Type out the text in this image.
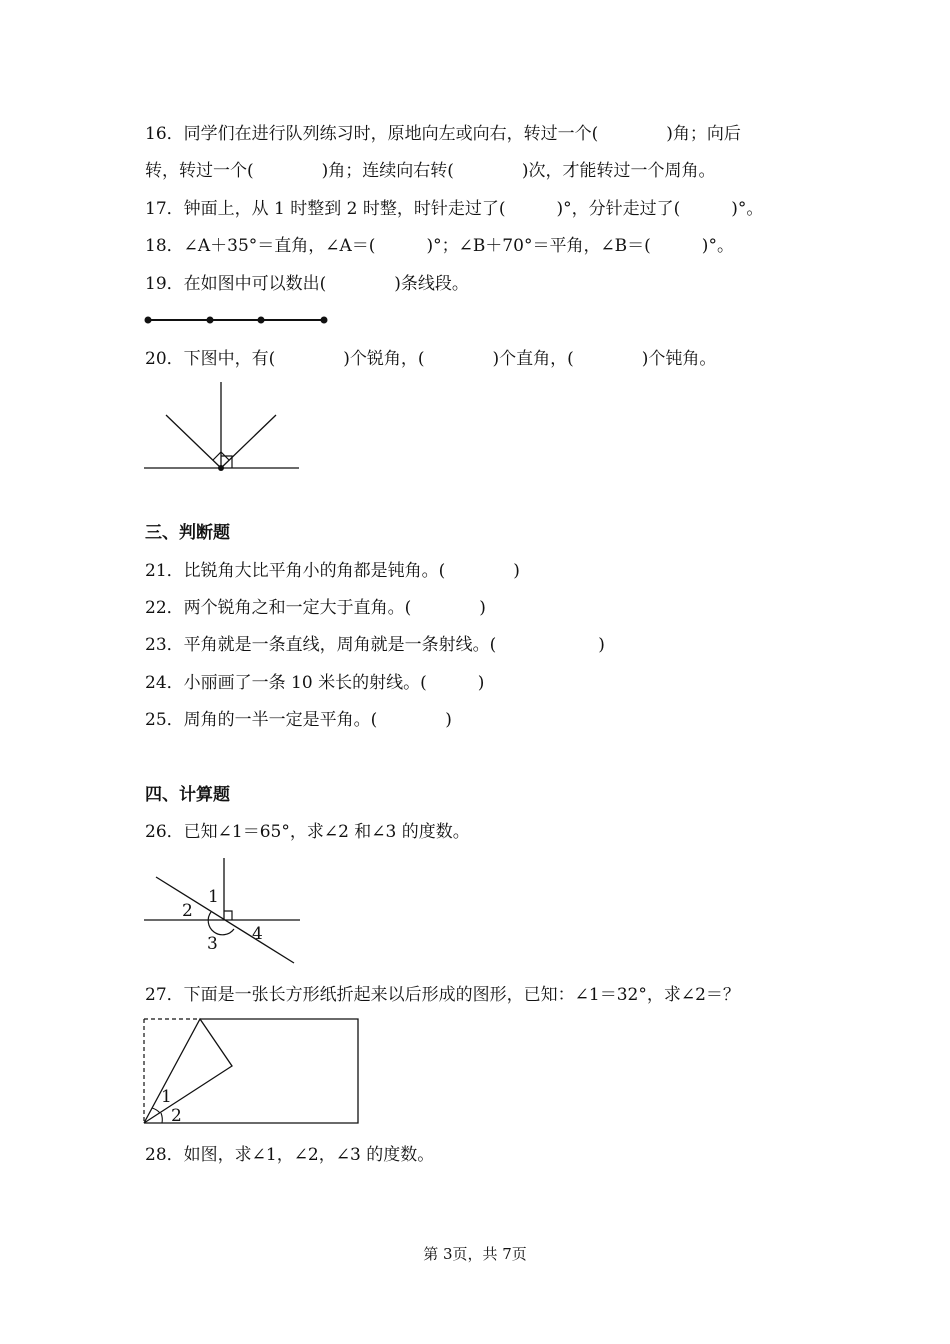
16．同学们在进行队列练习时，原地向左或向右，转过一个(　　　　)角；向后
转，转过一个(　　　　)角；连续向右转(　　　　)次，才能转过一个周角。
17．钟面上，从 1 时整到 2 时整，时针走过了(　　　)°，分针走过了(　　　)°。
18．∠A＋35°＝直角，∠A＝(　　　)°；∠B＋70°＝平角，∠B＝(　　　)°。
19．在如图中可以数出(　　　　)条线段。
20．下图中，有(　　　　)个锐角，(　　　　)个直角，(　　　　)个钝角。
三、判断题
21．比锐角大比平角小的角都是钝角。(　　　　)
22．两个锐角之和一定大于直角。(　　　　)
23．平角就是一条直线，周角就是一条射线。(　　　　　　)
24．小丽画了一条 10 米长的射线。(　　　)
25．周角的一半一定是平角。(　　　　)
四、计算题
26．已知∠1＝65°，求∠2 和∠3 的度数。
1
2
3 4
27．下面是一张长方形纸折起来以后形成的图形，已知：∠1＝32°，求∠2＝？
1
2
28．如图，求∠1，∠2，∠3 的度数。
第 3页，共 7页
